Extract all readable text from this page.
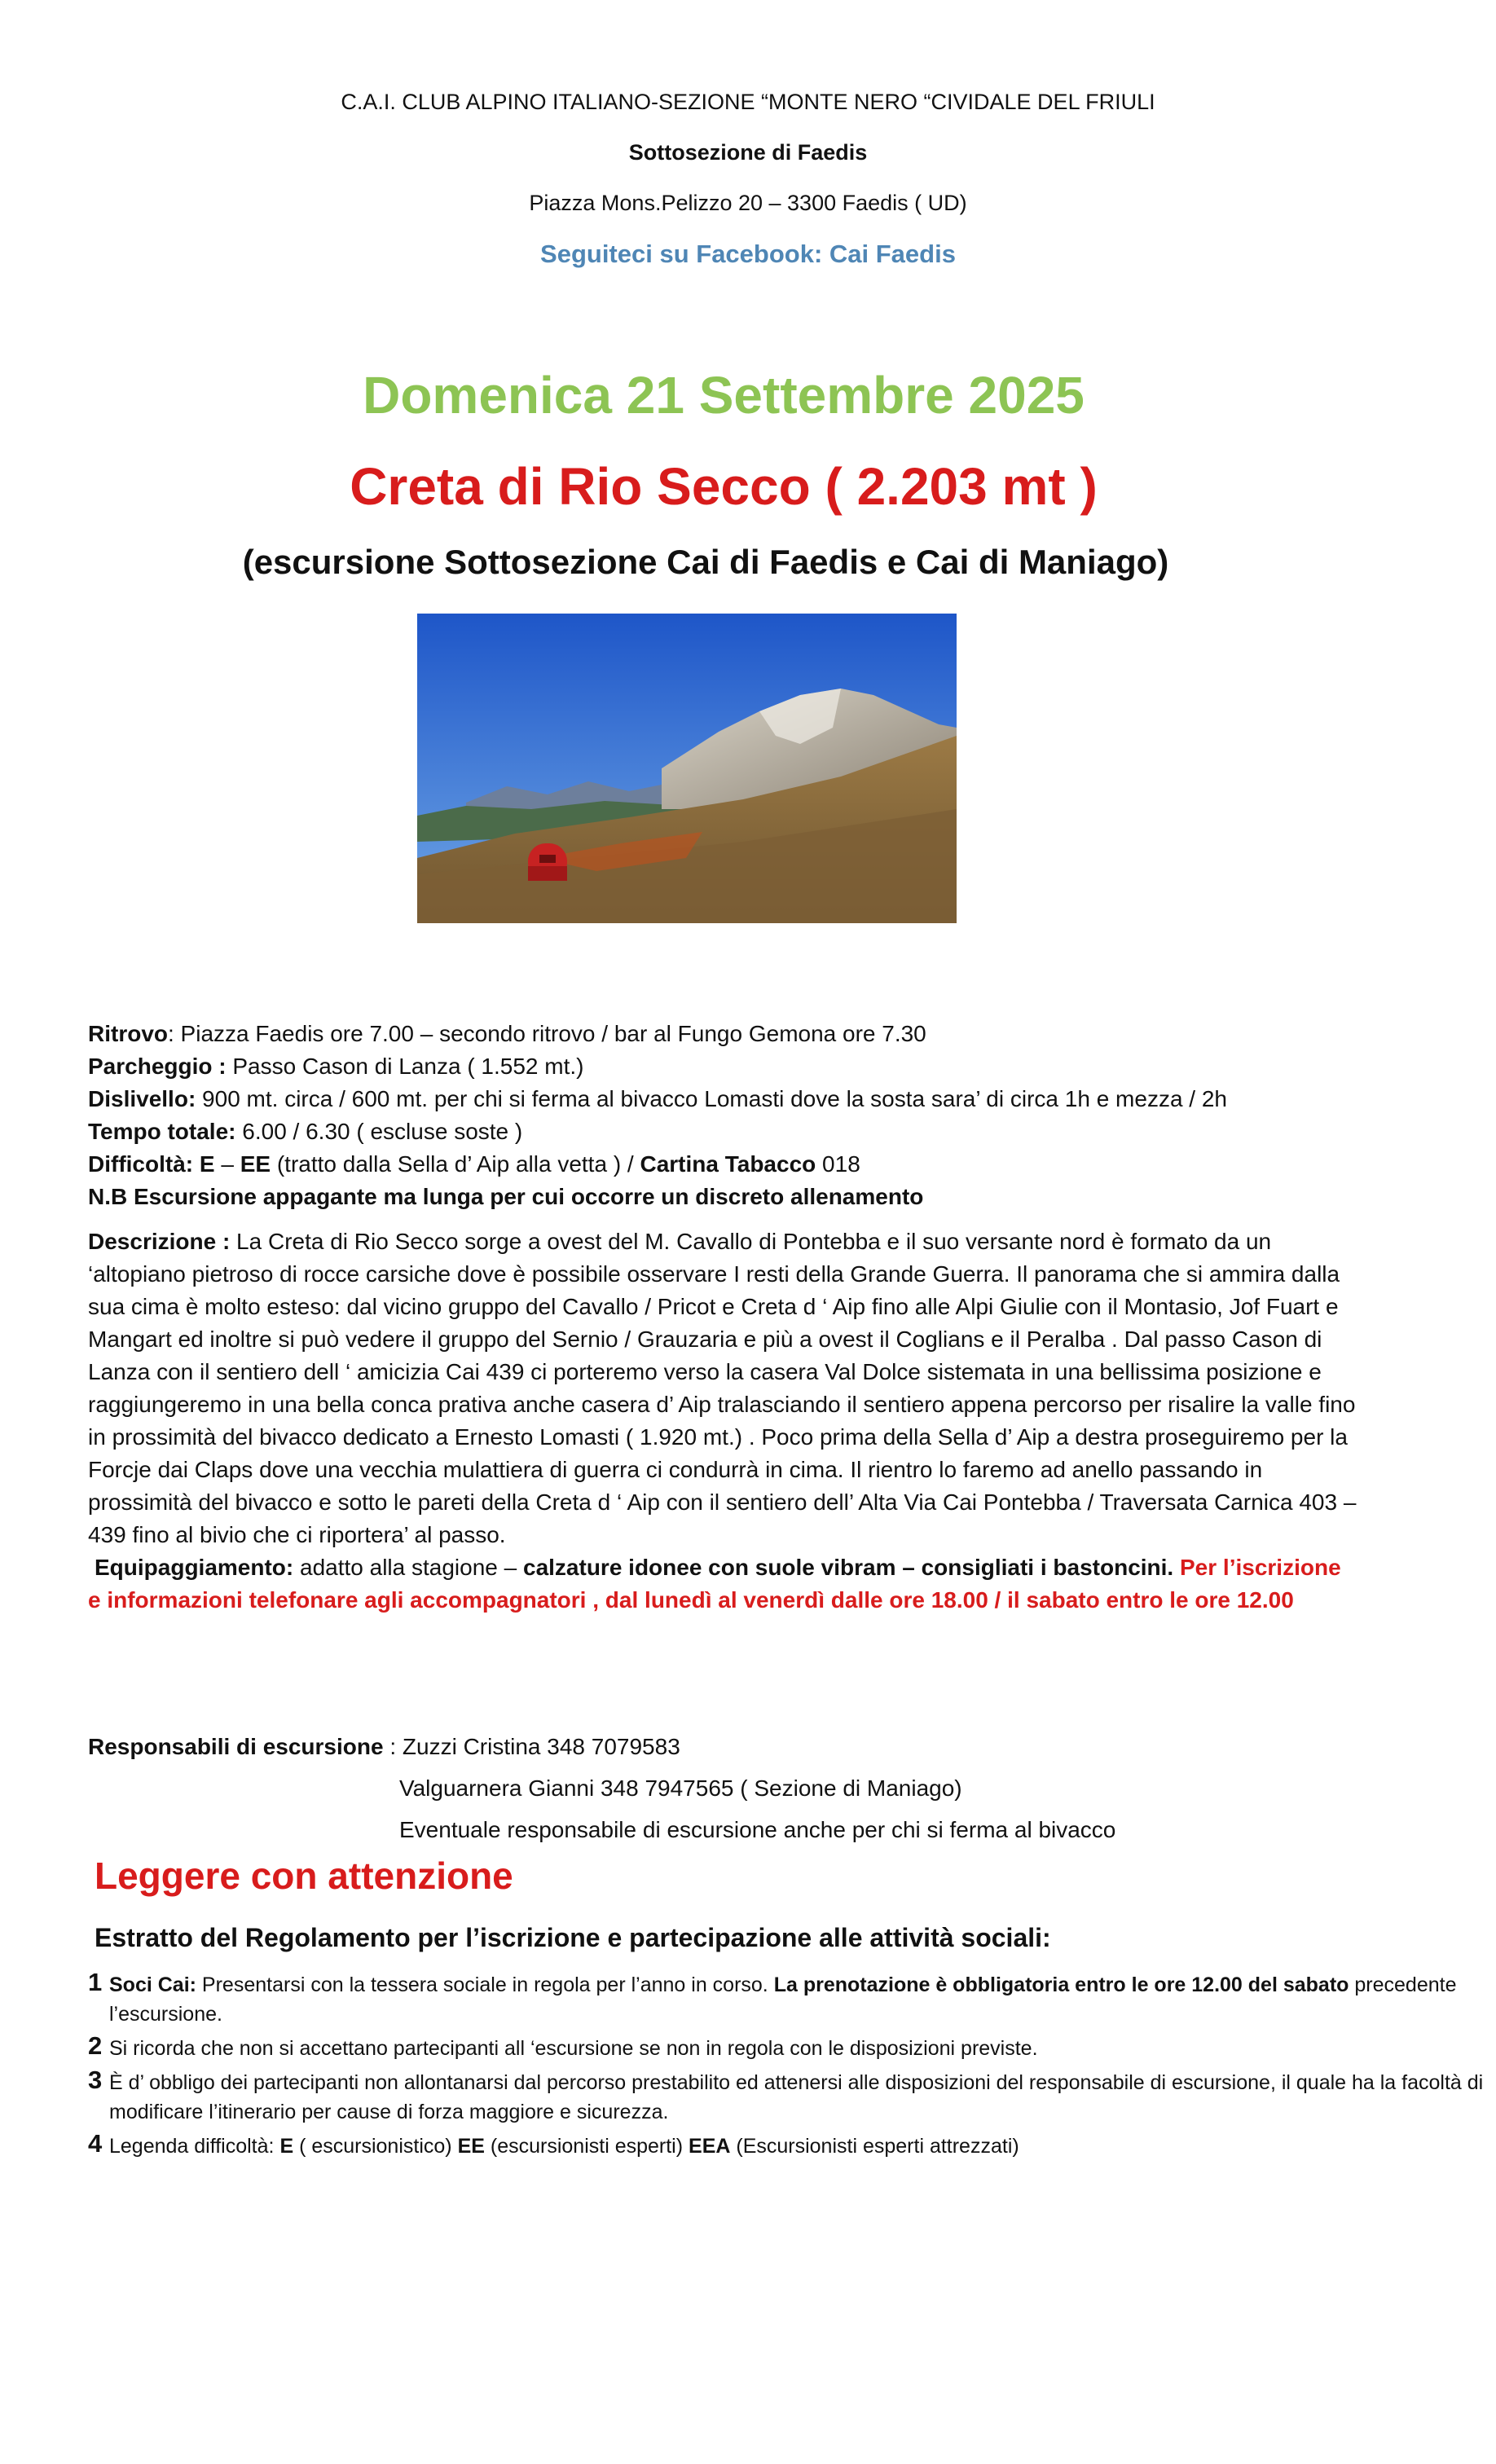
C.A.I. CLUB ALPINO ITALIANO-SEZIONE “MONTE NERO “CIVIDALE DEL FRIULI
Sottosezione di Faedis
Piazza Mons.Pelizzo 20 – 3300 Faedis ( UD)
Seguiteci su Facebook: Cai Faedis
Domenica 21 Settembre 2025
Creta di Rio Secco ( 2.203 mt )
(escursione Sottosezione Cai di Faedis e Cai di Maniago)

Ritrovo: Piazza Faedis ore 7.00 – secondo ritrovo / bar al Fungo Gemona ore 7.30

Parcheggio : Passo Cason di Lanza ( 1.552 mt.)

Dislivello: 900 mt. circa / 600 mt. per chi si ferma al bivacco Lomasti dove la sosta sara’ di circa 1h e mezza / 2h

Tempo totale: 6.00 / 6.30 ( escluse soste )

Difficoltà: E – EE (tratto dalla Sella d’ Aip alla vetta ) / Cartina Tabacco 018

N.B Escursione appagante ma lunga per cui occorre un discreto allenamento

Descrizione : La Creta di Rio Secco sorge a ovest del M. Cavallo di Pontebba e il suo versante nord è formato da un ‘altopiano pietroso di rocce carsiche dove è possibile osservare I resti della Grande Guerra. Il panorama che si ammira dalla sua cima è molto esteso: dal vicino gruppo del Cavallo / Pricot e Creta d ‘ Aip fino alle Alpi Giulie con il Montasio, Jof Fuart e Mangart ed inoltre si può vedere il gruppo del Sernio / Grauzaria e più a ovest il Coglians e il Peralba . Dal passo Cason di Lanza con il sentiero dell ‘ amicizia Cai 439 ci porteremo verso la casera Val Dolce sistemata in una bellissima posizione e raggiungeremo in una bella conca prativa anche casera d’ Aip tralasciando il sentiero appena percorso per risalire la valle fino in prossimità del bivacco dedicato a Ernesto Lomasti ( 1.920 mt.) . Poco prima della Sella d’ Aip a destra proseguiremo per la Forcje dai Claps dove una vecchia mulattiera di guerra ci condurrà in cima. Il rientro lo faremo ad anello passando in prossimità del bivacco e sotto le pareti della Creta d ‘ Aip con il sentiero dell’ Alta Via Cai Pontebba / Traversata Carnica 403 – 439 fino al bivio che ci riportera’ al passo.
Equipaggiamento: adatto alla stagione – calzature idonee con suole vibram – consigliati i bastoncini. Per l’iscrizione e informazioni telefonare agli accompagnatori , dal lunedì al venerdì dalle ore 18.00 / il sabato entro le ore 12.00
Responsabili di escursione : Zuzzi Cristina 348 7079583
Valguarnera Gianni 348 7947565 ( Sezione di Maniago)
Eventuale responsabile di escursione anche per chi si ferma al bivacco
Leggere con attenzione
Estratto del Regolamento per l’iscrizione e partecipazione alle attività sociali:
1 Soci Cai: Presentarsi con la tessera sociale in regola per l’anno in corso. La prenotazione è obbligatoria entro le ore 12.00 del sabato precedente l’escursione.
2 Si ricorda che non si accettano partecipanti all ‘escursione se non in regola con le disposizioni previste.
3 È d’ obbligo dei partecipanti non allontanarsi dal percorso prestabilito ed attenersi alle disposizioni del responsabile di escursione, il quale ha la facoltà di modificare l’itinerario per cause di forza maggiore e sicurezza.
4 Legenda difficoltà: E ( escursionistico) EE (escursionisti esperti) EEA (Escursionisti esperti attrezzati)
